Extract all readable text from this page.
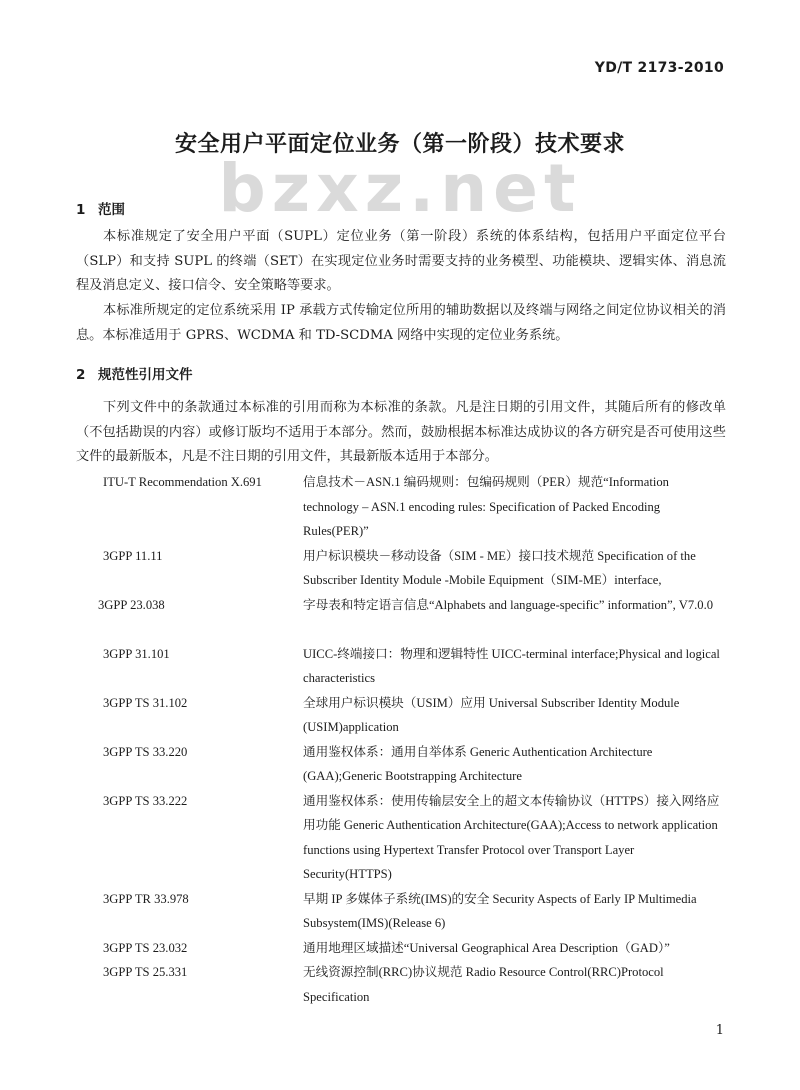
YD/T 2173-2010
安全用户平面定位业务（第一阶段）技术要求
bzxz.net
1 范围

本标准规定了安全用户平面（SUPL）定位业务（第一阶段）系统的体系结构，包括用户平面定位平台（SLP）和支持 SUPL 的终端（SET）在实现定位业务时需要支持的业务模型、功能模块、逻辑实体、消息流程及消息定义、接口信令、安全策略等要求。

本标准所规定的定位系统采用 IP 承载方式传输定位所用的辅助数据以及终端与网络之间定位协议相关的消息。本标准适用于 GPRS、WCDMA 和 TD-SCDMA 网络中实现的定位业务系统。

2 规范性引用文件

下列文件中的条款通过本标准的引用而称为本标准的条款。凡是注日期的引用文件，其随后所有的修改单（不包括勘误的内容）或修订版均不适用于本部分。然而，鼓励根据本标准达成协议的各方研究是否可使用这些文件的最新版本，凡是不注日期的引用文件，其最新版本适用于本部分。

ITU-T Recommendation X.691	信息技术－ASN.1 编码规则：包编码规则（PER）规范“Information technology – ASN.1 encoding rules: Specification of Packed Encoding Rules(PER)”
3GPP 11.11	用户标识模块－移动设备（SIM - ME）接口技术规范 Specification of the Subscriber Identity Module -Mobile Equipment（SIM-ME）interface,
3GPP 23.038	字母表和特定语言信息“Alphabets and language-specific” information”, V7.0.0
3GPP 31.101	UICC-终端接口：物理和逻辑特性 UICC-terminal interface;Physical and logical characteristics
3GPP TS 31.102	全球用户标识模块（USIM）应用 Universal Subscriber Identity Module (USIM)application
3GPP TS 33.220	通用鉴权体系：通用自举体系 Generic Authentication Architecture (GAA);Generic Bootstrapping Architecture
3GPP TS 33.222	通用鉴权体系：使用传输层安全上的超文本传输协议（HTTPS）接入网络应用功能 Generic Authentication Architecture(GAA);Access to network application functions using Hypertext Transfer Protocol over Transport Layer Security(HTTPS)
3GPP TR 33.978	早期 IP 多媒体子系统(IMS)的安全 Security Aspects of Early IP Multimedia Subsystem(IMS)(Release 6)
3GPP TS 23.032	通用地理区域描述“Universal Geographical Area Description（GAD）”
3GPP TS 25.331	无线资源控制(RRC)协议规范 Radio Resource Control(RRC)Protocol Specification
1
